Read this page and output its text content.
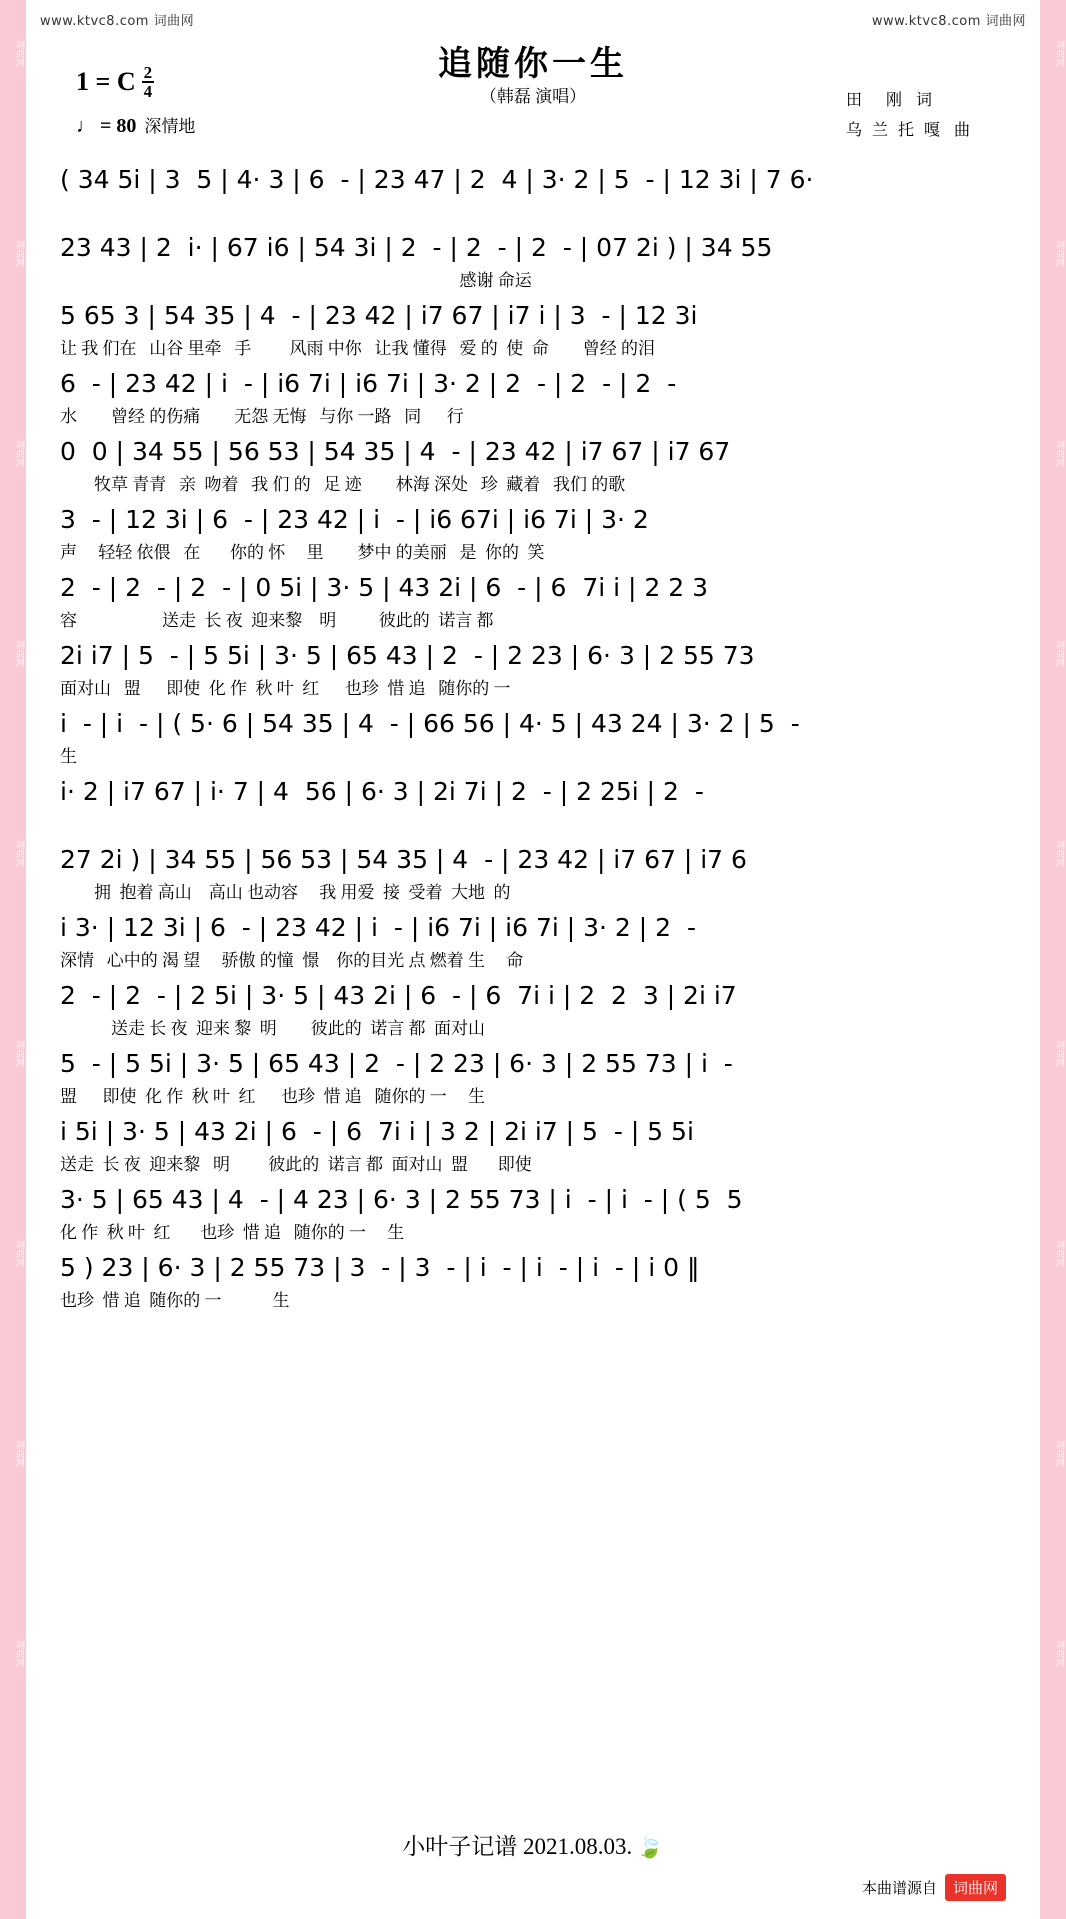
词曲网
词曲网
词曲网
词曲网
词曲网
词曲网
词曲网
词曲网
词曲网
词曲网
词曲网
词曲网
词曲网
词曲网
词曲网
词曲网
词曲网
词曲网
www.ktvc8.com 词曲网	www.ktvc8.com 词曲网
追随你一生
（韩磊 演唱）	田 刚 词
乌兰托嘎 曲
1 = C $\frac{2}{4}$
♩ = 80 深情地
( 34 5i | 3  5 | 4· 3 | 6  - | 23 47 | 2  4 | 3· 2 | 5  - | 12 3i | 7 6·
23 43 | 2  i· | 67 i6 | 54 3i | 2  - | 2  - | 2  - | 07 2i ) | 34 55
感谢 命运
5 65 3 | 54 35 | 4  - | 23 42 | i7 67 | i7 i | 3  - | 12 3i
让 我 们在   山谷 里牵   手         风雨 中你   让我 懂得   爱 的  使  命        曾经 的泪
6  - | 23 42 | i  - | i6 7i | i6 7i | 3· 2 | 2  - | 2  - | 2  -
水        曾经 的伤痛        无怨 无悔   与你 一路   同      行
0  0 | 34 55 | 56 53 | 54 35 | 4  - | 23 42 | i7 67 | i7 67
牧草 青青   亲  吻着   我 们 的   足 迹        林海 深处   珍  藏着   我们 的歌
3  - | 12 3i | 6  - | 23 42 | i  - | i6 67i | i6 7i | 3· 2
声     轻轻 依偎   在       你的 怀     里        梦中 的美丽   是  你的  笑
2  - | 2  - | 2  - | 0 5i | 3· 5 | 43 2i | 6  - | 6  7i i | 2 2 3
容                    送走  长 夜  迎来黎    明          彼此的  诺言 都
2i i7 | 5  - | 5 5i | 3· 5 | 65 43 | 2  - | 2 23 | 6· 3 | 2 55 73
面对山   盟      即使  化 作  秋 叶  红      也珍  惜 追   随你的 一
i  - | i  - | ( 5· 6 | 54 35 | 4  - | 66 56 | 4· 5 | 43 24 | 3· 2 | 5  -
生
i· 2 | i7 67 | i· 7 | 4  56 | 6· 3 | 2i 7i | 2  - | 2 25i | 2  -
27 2i ) | 34 55 | 56 53 | 54 35 | 4  - | 23 42 | i7 67 | i7 6
拥  抱着 高山    高山 也动容     我 用爱  接  受着  大地  的
i 3· | 12 3i | 6  - | 23 42 | i  - | i6 7i | i6 7i | 3· 2 | 2  -
深情   心中的 渴 望     骄傲 的憧  憬    你的目光 点 燃着 生     命
2  - | 2  - | 2 5i | 3· 5 | 43 2i | 6  - | 6  7i i | 2  2  3 | 2i i7
送走 长 夜  迎来 黎  明        彼此的  诺言 都  面对山
5  - | 5 5i | 3· 5 | 65 43 | 2  - | 2 23 | 6· 3 | 2 55 73 | i  -
盟      即使  化 作  秋 叶  红      也珍  惜 追   随你的 一     生
i 5i | 3· 5 | 43 2i | 6  - | 6  7i i | 3 2 | 2i i7 | 5  - | 5 5i
送走  长 夜  迎来黎   明         彼此的  诺言 都  面对山  盟       即使
3· 5 | 65 43 | 4  - | 4 23 | 6· 3 | 2 55 73 | i  - | i  - | ( 5  5
化 作  秋 叶  红       也珍  惜 追   随你的 一     生
5 ) 23 | 6· 3 | 2 55 73 | 3  - | 3  - | i  - | i  - | i  - | i 0 ‖
也珍  惜 追  随你的 一            生
小叶子记谱 2021.08.03. 🍃
本曲谱源自	词曲网
